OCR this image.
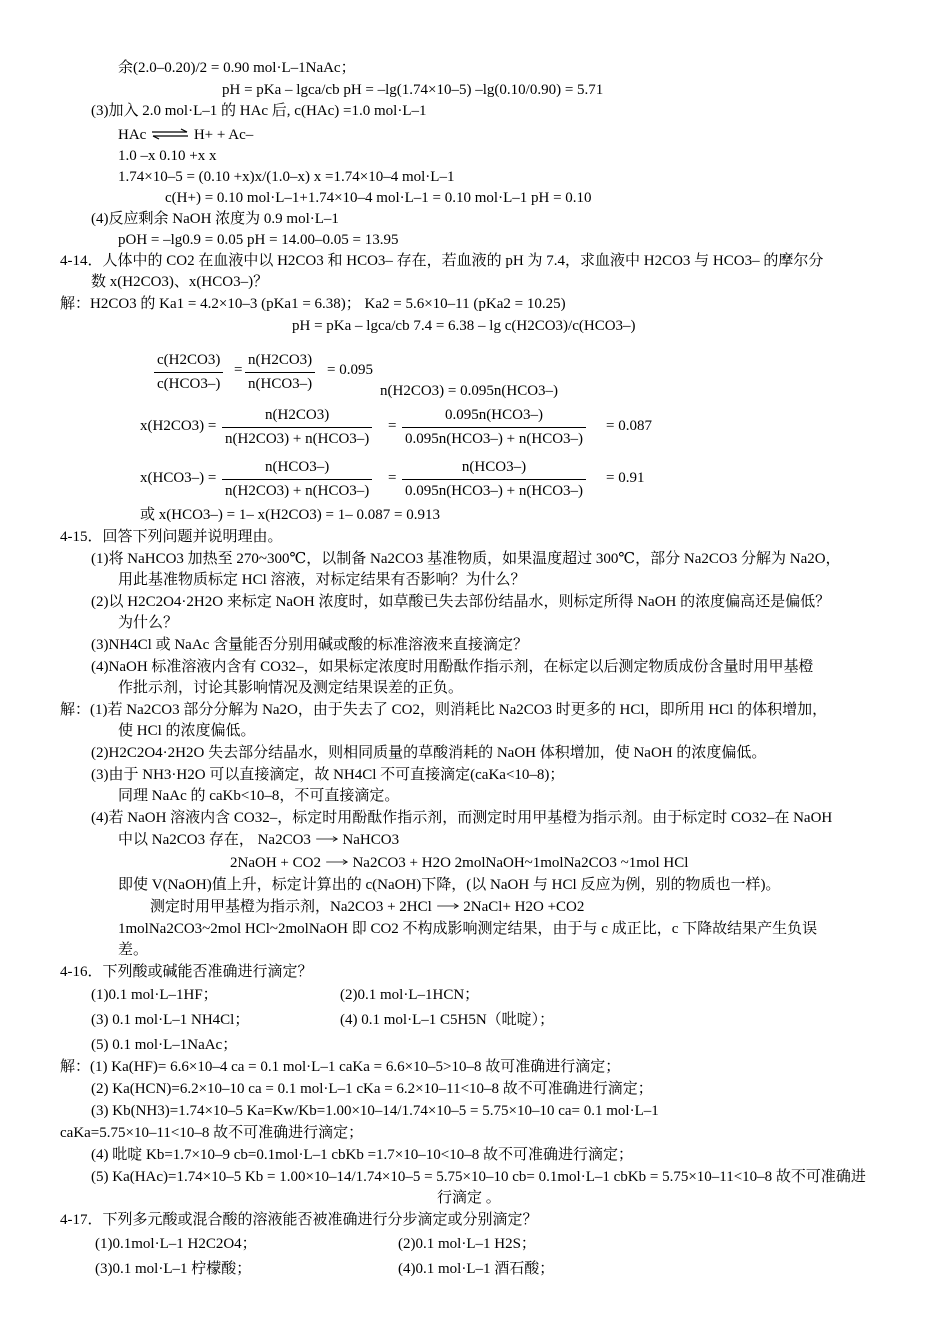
余(2.0–0.20)/2 = 0.90 mol·L–1NaAc；
pH = pKa – lgca/cb pH = –lg(1.74×10–5) –lg(0.10/0.90) = 5.71
(3)加入 2.0 mol·L–1 的 HAc 后, c(HAc) =1.0 mol·L–1
HAc ⇌ H+ + Ac–
1.0 –x 0.10 +x x
1.74×10–5 = (0.10 +x)x/(1.0–x) x =1.74×10–4 mol·L–1
c(H+) = 0.10 mol·L–1+1.74×10–4 mol·L–1 = 0.10 mol·L–1 pH = 0.10
(4)反应剩余 NaOH 浓度为 0.9 mol·L–1
pOH = –lg0.9 = 0.05 pH = 14.00–0.05 = 13.95
4-14．人体中的 CO2 在血液中以 H2CO3 和 HCO3– 存在，若血液的 pH 为 7.4，求血液中 H2CO3 与 HCO3– 的摩尔分
数 x(H2CO3)、x(HCO3–)？
解：H2CO3 的 Ka1 = 4.2×10–3 (pKa1 = 6.38)； Ka2 = 5.6×10–11 (pKa2 = 10.25)
pH = pKa – lgca/cb 7.4 = 6.38 – lg c(H2CO3)/c(HCO3–)
c(H2CO3)
c(HCO3–)
=
n(H2CO3)
n(HCO3–)
= 0.095
n(H2CO3) = 0.095n(HCO3–)
x(H2CO3) =
n(H2CO3)
n(H2CO3) + n(HCO3–)
=
0.095n(HCO3–)
0.095n(HCO3–) + n(HCO3–)
= 0.087
x(HCO3–) =
n(HCO3–)
n(H2CO3) + n(HCO3–)
=
n(HCO3–)
0.095n(HCO3–) + n(HCO3–)
= 0.91
或 x(HCO3–) = 1– x(H2CO3) = 1– 0.087 = 0.913
4-15．回答下列问题并说明理由。
(1)将 NaHCO3 加热至 270~300℃，以制备 Na2CO3 基准物质，如果温度超过 300℃，部分 Na2CO3 分解为 Na2O，
用此基准物质标定 HCl 溶液，对标定结果有否影响？为什么？
(2)以 H2C2O4·2H2O 来标定 NaOH 浓度时，如草酸已失去部份结晶水，则标定所得 NaOH 的浓度偏高还是偏低？
为什么？
(3)NH4Cl 或 NaAc 含量能否分别用碱或酸的标准溶液来直接滴定？
(4)NaOH 标准溶液内含有 CO32–，如果标定浓度时用酚酞作指示剂，在标定以后测定物质成份含量时用甲基橙
作批示剂，讨论其影响情况及测定结果误差的正负。
解：(1)若 Na2CO3 部分分解为 Na2O，由于失去了 CO2，则消耗比 Na2CO3 时更多的 HCl，即所用 HCl 的体积增加，
使 HCl 的浓度偏低。
(2)H2C2O4·2H2O 失去部分结晶水，则相同质量的草酸消耗的 NaOH 体积增加，使 NaOH 的浓度偏低。
(3)由于 NH3·H2O 可以直接滴定，故 NH4Cl 不可直接滴定(caKa<10–8)；
同理 NaAc 的 caKb<10–8，不可直接滴定。
(4)若 NaOH 溶液内含 CO32–，标定时用酚酞作指示剂，而测定时用甲基橙为指示剂。由于标定时 CO32–在 NaOH
中以 Na2CO3 存在， Na2CO3 NaHCO3
2NaOH + CO2 Na2CO3 + H2O 2molNaOH~1molNa2CO3 ~1mol HCl
即使 V(NaOH)值上升，标定计算出的 c(NaOH)下降，(以 NaOH 与 HCl 反应为例，别的物质也一样)。
测定时用甲基橙为指示剂，Na2CO3 + 2HCl 2NaCl+ H2O +CO2
1molNa2CO3~2mol HCl~2molNaOH 即 CO2 不构成影响测定结果，由于与 c 成正比，c 下降故结果产生负误
差。
4-16．下列酸或碱能否准确进行滴定？
(1)0.1 mol·L–1HF；	(2)0.1 mol·L–1HCN；
(3) 0.1 mol·L–1 NH4Cl；	(4) 0.1 mol·L–1 C5H5N（吡啶）；
(5) 0.1 mol·L–1NaAc；
解：(1) Ka(HF)= 6.6×10–4 ca = 0.1 mol·L–1 caKa = 6.6×10–5>10–8 故可准确进行滴定；
(2) Ka(HCN)=6.2×10–10 ca = 0.1 mol·L–1 cKa = 6.2×10–11<10–8 故不可准确进行滴定；
(3) Kb(NH3)=1.74×10–5 Ka=Kw/Kb=1.00×10–14/1.74×10–5 = 5.75×10–10 ca= 0.1 mol·L–1
caKa=5.75×10–11<10–8 故不可准确进行滴定；
(4) 吡啶 Kb=1.7×10–9 cb=0.1mol·L–1 cbKb =1.7×10–10<10–8 故不可准确进行滴定；
(5) Ka(HAc)=1.74×10–5 Kb = 1.00×10–14/1.74×10–5 = 5.75×10–10 cb= 0.1mol·L–1 cbKb = 5.75×10–11<10–8 故不可准确进
行滴定 。
4-17．下列多元酸或混合酸的溶液能否被准确进行分步滴定或分别滴定？
(1)0.1mol·L–1 H2C2O4；	(2)0.1 mol·L–1 H2S；
(3)0.1 mol·L–1 柠檬酸；	(4)0.1 mol·L–1 酒石酸；
